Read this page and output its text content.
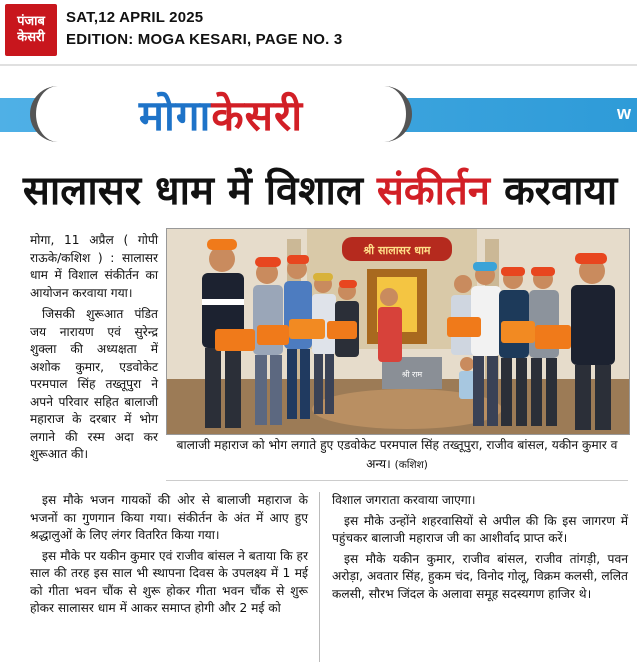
पंजाब
केसरी
SAT,12 APRIL 2025
EDITION: MOGA KESARI, PAGE NO. 3
w
मोगा केसरी
सालासर धाम में विशाल संकीर्तन करवाया

मोगा, 11 अप्रैल ( गोपी राऊके/कशिश ) : सालासर धाम में विशाल संकीर्तन का आयोजन करवाया गया।

जिसकी शुरूआत पंडित जय नारायण एवं सुरेन्द्र शुक्ला की अध्यक्षता में अशोक कुमार, एडवोकेट परमपाल सिंह तख्तूपुरा ने अपने परिवार सहित बालाजी महाराज के दरबार में भोग लगाने की रस्म अदा कर शुरूआत की।

श्री सालासर धाम
श्री राम
बालाजी महाराज को भोग लगाते हुए एडवोकेट परमपाल सिंह तख्तूपुरा, राजीव बांसल, यकीन कुमार व अन्य। (कशिश)

इस मौके भजन गायकों की ओर से बालाजी महाराज के भजनों का गुणगान किया गया। संकीर्तन के अंत में आए हुए श्रद्धालुओं के लिए लंगर वितरित किया गया।

इस मौके पर यकीन कुमार एवं राजीव बांसल ने बताया कि हर साल की तरह इस साल भी स्थापना दिवस के उपलक्ष्य में 1 मई को गीता भवन चौंक से शुरू होकर गीता भवन चौंक से शुरू होकर सालासर धाम में आकर समाप्त होगी और 2 मई को

विशाल जगराता करवाया जाएगा।

इस मौके उन्होंने शहरवासियों से अपील की कि इस जागरण में पहुंचकर बालाजी महाराज जी का आशीर्वाद प्राप्त करें।

इस मौके यकीन कुमार, राजीव बांसल, राजीव तांगड़ी, पवन अरोड़ा, अवतार सिंह, हुकम चंद, विनोद गोलू, विक्रम कलसी, ललित कलसी, सौरभ जिंदल के अलावा समूह सदस्यगण हाजिर थे।
